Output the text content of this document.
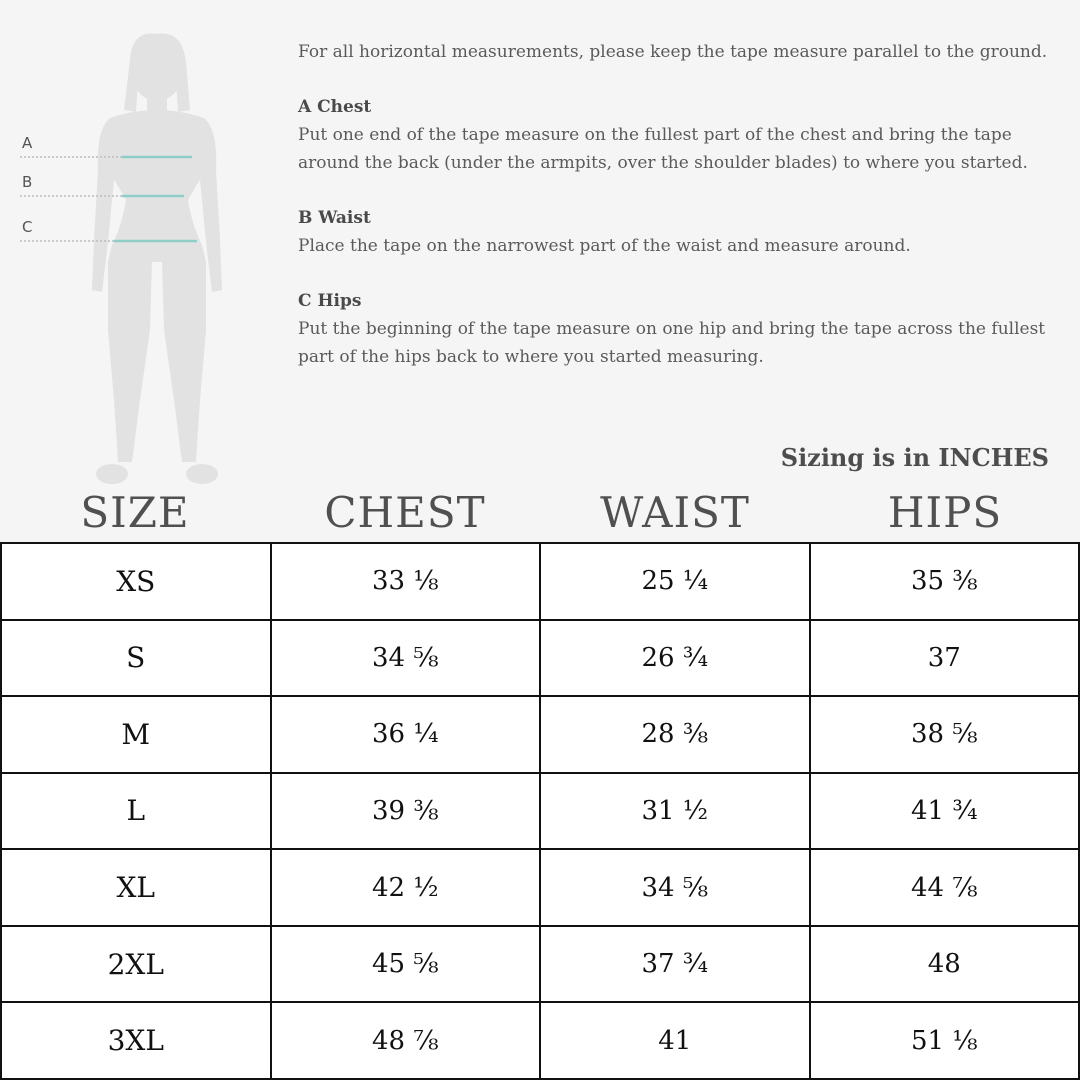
A
B
C

For all horizontal measurements, please keep the tape measure parallel to the ground.

A Chest
Put one end of the tape measure on the fullest part of the chest and bring the tape around the back (under the armpits, over the shoulder blades) to where you started.

B Waist
Place the tape on the narrowest part of the waist and measure around.

C Hips
Put the beginning of the tape measure on one hip and bring the tape across the fullest part of the hips back to where you started measuring.

Sizing is in INCHES
SIZE	CHEST	WAIST	HIPS
XS	33 ⅛	25 ¼	35 ⅜
S	34 ⅝	26 ¾	37
M	36 ¼	28 ⅜	38 ⅝
L	39 ⅜	31 ½	41 ¾
XL	42 ½	34 ⅝	44 ⅞
2XL	45 ⅝	37 ¾	48
3XL	48 ⅞	41	51 ⅛
